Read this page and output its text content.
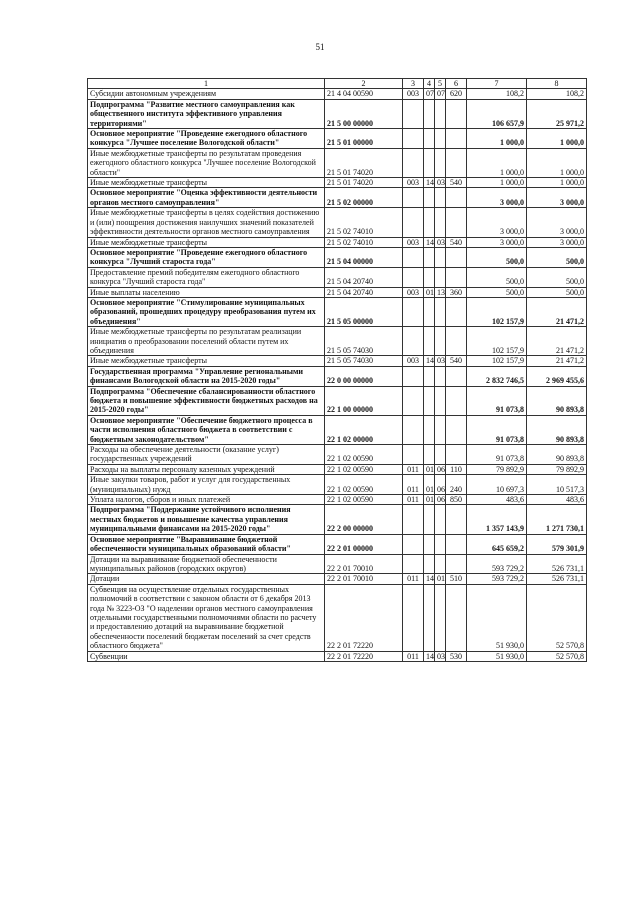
51
1	2	3	4	5	6	7	8
Субсидии автономным учреждениям	21 4 04 00590	003	07	07	620	108,2	108,2
Подпрограмма "Развитие местного самоуправления как общественного института эффективного управления территориями"	21 5 00 00000					106 657,9	25 971,2
Основное мероприятие "Проведение ежегодного областного конкурса "Лучшее поселение Вологодской области"	21 5 01 00000					1 000,0	1 000,0
Иные межбюджетные трансферты по результатам проведения ежегодного областного конкурса "Лучшее поселение Вологодской области"	21 5 01 74020					1 000,0	1 000,0
Иные межбюджетные трансферты	21 5 01 74020	003	14	03	540	1 000,0	1 000,0
Основное мероприятие "Оценка эффективности деятельности органов местного самоуправления"	21 5 02 00000					3 000,0	3 000,0
Иные межбюджетные трансферты в целях содействия достижению и (или) поощрения достижения наилучших значений показателей эффективности деятельности органов местного самоуправления	21 5 02 74010					3 000,0	3 000,0
Иные межбюджетные трансферты	21 5 02 74010	003	14	03	540	3 000,0	3 000,0
Основное мероприятие "Проведение ежегодного областного конкурса "Лучший староста года"	21 5 04 00000					500,0	500,0
Предоставление премий победителям ежегодного областного конкурса "Лучший староста года"	21 5 04 20740					500,0	500,0
Иные выплаты населению	21 5 04 20740	003	01	13	360	500,0	500,0
Основное мероприятие "Стимулирование муниципальных образований, прошедших процедуру преобразования путем их объединения"	21 5 05 00000					102 157,9	21 471,2
Иные межбюджетные трансферты по результатам реализации инициатив о преобразовании поселений области путем их объединения	21 5 05 74030					102 157,9	21 471,2
Иные межбюджетные трансферты	21 5 05 74030	003	14	03	540	102 157,9	21 471,2
Государственная программа "Управление региональными финансами Вологодской области на 2015-2020 годы"	22 0 00 00000					2 832 746,5	2 969 455,6
Подпрограмма "Обеспечение сбалансированности областного бюджета и повышение эффективности бюджетных расходов на 2015-2020 годы"	22 1 00 00000					91 073,8	90 893,8
Основное мероприятие "Обеспечение бюджетного процесса в части исполнения областного бюджета в соответствии с бюджетным законодательством"	22 1 02 00000					91 073,8	90 893,8
Расходы на обеспечение деятельности (оказание услуг) государственных учреждений	22 1 02 00590					91 073,8	90 893,8
Расходы на выплаты персоналу казенных учреждений	22 1 02 00590	011	01	06	110	79 892,9	79 892,9
Иные закупки товаров, работ и услуг для государственных (муниципальных) нужд	22 1 02 00590	011	01	06	240	10 697,3	10 517,3
Уплата налогов, сборов и иных платежей	22 1 02 00590	011	01	06	850	483,6	483,6
Подпрограмма "Поддержание устойчивого исполнения местных бюджетов и повышение качества управления муниципальными финансами на 2015-2020 годы"	22 2 00 00000					1 357 143,9	1 271 730,1
Основное мероприятие "Выравнивание бюджетной обеспеченности муниципальных образований области"	22 2 01 00000					645 659,2	579 301,9
Дотации на выравнивание бюджетной обеспеченности муниципальных районов (городских округов)	22 2 01 70010					593 729,2	526 731,1
Дотации	22 2 01 70010	011	14	01	510	593 729,2	526 731,1
Субвенция на осуществление отдельных государственных полномочий в соответствии с законом области от 6 декабря 2013 года № 3223-ОЗ "О наделении органов местного самоуправления отдельными государственными полномочиями области по расчету и предоставлению дотаций на выравнивание бюджетной обеспеченности поселений бюджетам поселений за счет средств областного бюджета"	22 2 01 72220					51 930,0	52 570,8
Субвенции	22 2 01 72220	011	14	03	530	51 930,0	52 570,8
